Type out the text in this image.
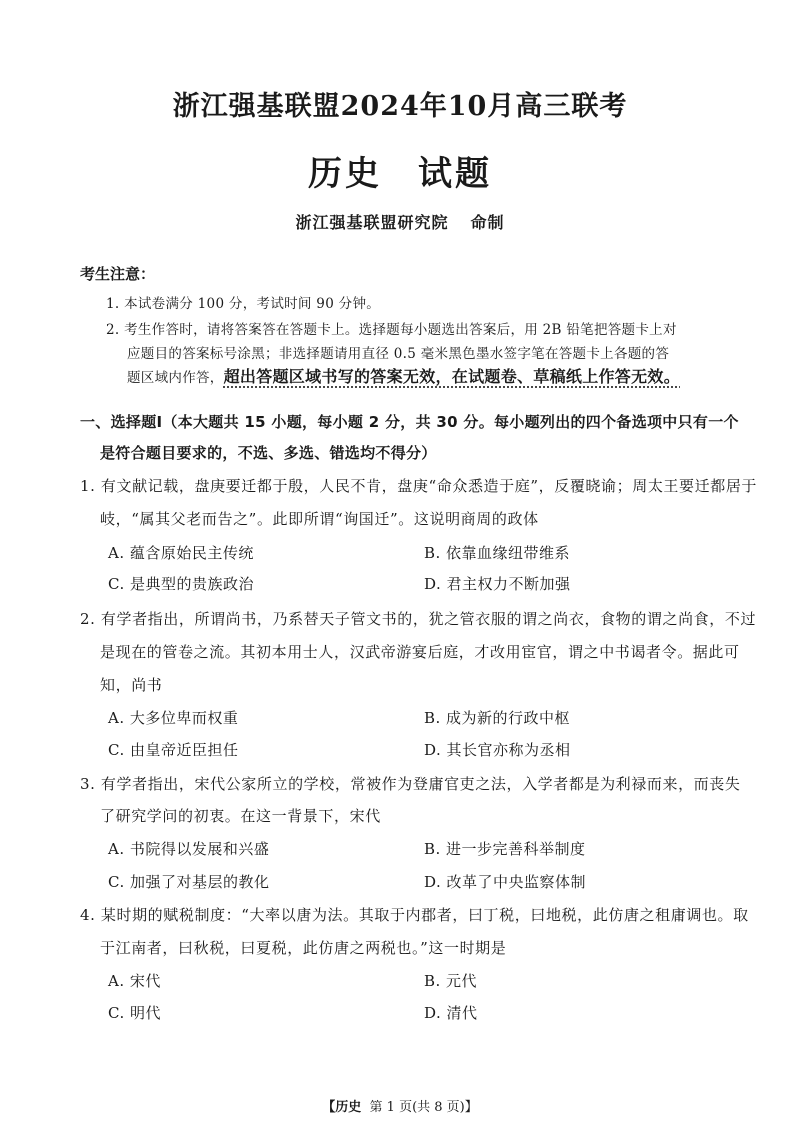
浙江强基联盟2024年10月高三联考
历史 试题
浙江强基联盟研究院 命制
考生注意：
1. 本试卷满分 100 分，考试时间 90 分钟。
2. 考生作答时，请将答案答在答题卡上。选择题每小题选出答案后，用 2B 铅笔把答题卡上对
应题目的答案标号涂黑；非选择题请用直径 0.5 毫米黑色墨水签字笔在答题卡上各题的答
题区域内作答，超出答题区域书写的答案无效，在试题卷、草稿纸上作答无效。
一、选择题Ⅰ（本大题共 15 小题，每小题 2 分，共 30 分。每小题列出的四个备选项中只有一个
是符合题目要求的，不选、多选、错选均不得分）
1. 有文献记载，盘庚要迁都于殷，人民不肯，盘庚“命众悉造于庭”，反覆晓谕；周太王要迁都居于
岐，“属其父老而告之”。此即所谓“询国迁”。这说明商周的政体
A. 蕴含原始民主传统	B. 依靠血缘纽带维系
C. 是典型的贵族政治	D. 君主权力不断加强
2. 有学者指出，所谓尚书，乃系替天子管文书的，犹之管衣服的谓之尚衣，食物的谓之尚食，不过
是现在的管卷之流。其初本用士人，汉武帝游宴后庭，才改用宦官，谓之中书谒者令。据此可
知，尚书
A. 大多位卑而权重	B. 成为新的行政中枢
C. 由皇帝近臣担任	D. 其长官亦称为丞相
3. 有学者指出，宋代公家所立的学校，常被作为登庸官吏之法，入学者都是为利禄而来，而丧失
了研究学问的初衷。在这一背景下，宋代
A. 书院得以发展和兴盛	B. 进一步完善科举制度
C. 加强了对基层的教化	D. 改革了中央监察体制
4. 某时期的赋税制度：“大率以唐为法。其取于内郡者，曰丁税，曰地税，此仿唐之租庸调也。取
于江南者，曰秋税，曰夏税，此仿唐之两税也。”这一时期是
A. 宋代	B. 元代
C. 明代	D. 清代
【历史 第 1 页(共 8 页)】
